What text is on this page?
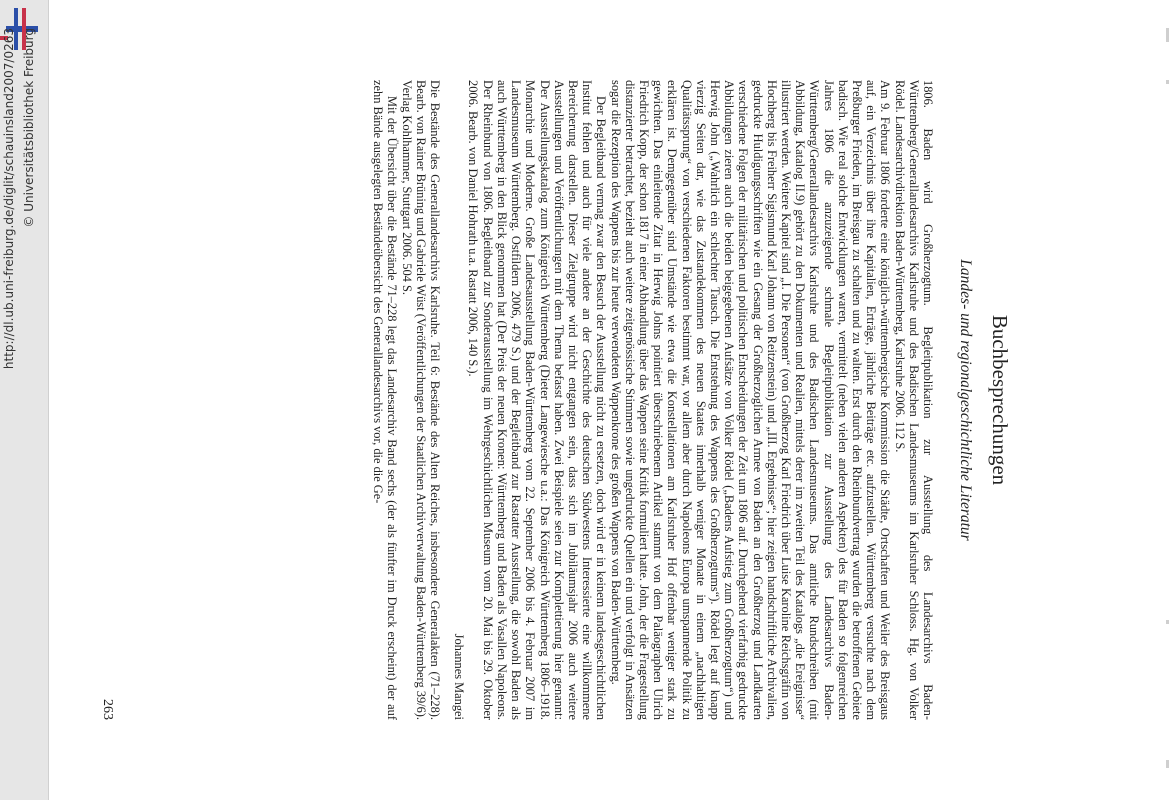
http://dl.ub.uni-freiburg.de/diglit/schauinsland2007/0263 © Universitätsbibliothek Freiburg
Buchbesprechungen
Landes- und regionalgeschichtliche Literatur

1806. Baden wird Großherzogtum. Begleitpublikation zur Ausstellung des Landesarchivs Baden-Württemberg/Generallandesarchivs Karlsruhe und des Badischen Landesmuseums im Karlsruher Schloss. Hg. von Volker Rödel. Landesarchivdirektion Baden-Württemberg, Karlsruhe 2006. 112 S.

Am 9. Februar 1806 forderte eine königlich-württembergische Kommission die Städte, Ortschaften und Weiler des Breisgaus auf, ein Verzeichnis über ihre Kapitalien, Erträge, jährliche Beiträge etc. aufzustellen. Württemberg versuchte nach dem Preßburger Frieden, im Breisgau zu schalten und zu walten. Erst durch den Rheinbundvertrag wurden die betroffenen Gebiete badisch. Wie real solche Entwicklungen waren, vermittelt (neben vielen anderen Aspekten) des für Baden so folgenreichen Jahres 1806 die anzuzeigende schmale Begleitpublikation zur Ausstellung des Landesarchivs Baden-Württemberg/Generallandesarchivs Karlsruhe und des Badischen Landesmuseums. Das amtliche Rundschreiben (mit Abbildung, Katalog II.9) gehört zu den Dokumenten und Realien, mittels derer im zweiten Teil des Katalogs „die Ereignisse“ illustriert werden. Weitere Kapitel sind „I. Die Personen“ (von Großherzog Karl Friedrich über Luise Karoline Reichsgräfin von Hochberg bis Freiherr Sigismund Karl Johann von Reitzenstein) und „III. Ergebnisse“; hier zeigen handschriftliche Archivalien, gedruckte Huldigungsschriften wie ein Gesang der Großherzoglichen Armee von Baden an den Großherzog und Landkarten verschiedene Folgen der militärischen und politischen Entscheidungen der Zeit um 1806 auf. Durchgehend vierfarbig gedruckte Abbildungen zieren auch die beiden beigegebenen Aufsätze von Volker Rödel („Badens Aufstieg zum Großherzogtum“) und Herwig John („Wahrlich ein schlechter Tausch. Die Entstehung des Wappens des Großherzogtums“). Rödel legt auf knapp vierzig Seiten dar, wie das Zustandekommen des neuen Staates innerhalb weniger Monate in einem „nachhaltigen Qualitätssprung“ von verschiedenen Faktoren bestimmt war, vor allem aber durch Napoleons Europa umspannende Politik zu erklären ist. Demgegenüber sind Umstände wie etwa die Konstellationen am Karlsruher Hof offenbar weniger stark zu gewichten. Das einleitende Zitat in Herwig Johns pointiert überschriebenem Artikel stammt von dem Paläographen Ulrich Friedrich Kopp, der schon 1817 in einer Abhandlung über das Wappen seine Kritik formuliert hatte. John, der die Fragestellung distanzierter betrachtet, bezieht auch weitere zeitgenössische Stimmen sowie ungedruckte Quellen ein und verfolgt in Ansätzen sogar die Rezeption des Wappens bis zur heute verwendeten Wappenkrone des großen Wappens von Baden-Württemberg.

Der Begleitband vermag zwar den Besuch der Ausstellung nicht zu ersetzen, doch wird er in keinem landesgeschichtlichen Institut fehlen und auch für viele andere an der Geschichte des deutschen Südwestens Interessierte eine willkommene Bereicherung darstellen. Dieser Zielgruppe wird nicht entgangen sein, dass sich im Jubiläumsjahr 2006 auch weitere Ausstellungen und Veröffentlichungen mit dem Thema befasst haben. Zwei Beispiele seien zur Komplettierung hier genannt: Der Ausstellungskatalog zum Königreich Württemberg (Dieter Langewiesche u.a.: Das Königreich Württemberg 1806–1918. Monarchie und Moderne. Große Landesausstellung Baden-Württemberg vom 22. September 2006 bis 4. Februar 2007 im Landesmuseum Württemberg. Ostfildern 2006, 479 S.) und der Begleitband zur Rastatter Ausstellung, die sowohl Baden als auch Württemberg in den Blick genommen hat (Der Preis der neuen Kronen: Württemberg und Baden als Vasallen Napoleons. Der Rheinbund von 1806. Begleitband zur Sonderausstellung im Wehrgeschichtlichen Museum vom 20. Mai bis 29. Oktober 2006. Bearb. von Daniel Hohrath u.a. Rastatt 2006, 140 S.).

Johannes Mangei

Die Bestände des Generallandesarchivs Karlsruhe. Teil 6: Bestände des Alten Reiches, insbesondere Generalakten (71–228). Bearb. von Rainer Brüning und Gabriele Wüst (Veröffentlichungen der Staatlichen Archivverwaltung Baden-Württemberg 39/6). Verlag Kohlhammer, Stuttgart 2006. 504 S.

Mit der Übersicht über die Bestände 71–228 legt das Landesarchiv Band sechs (der als fünfter im Druck erscheint) der auf zehn Bände ausgelegten Beständeübersicht des Generallandesarchivs vor, die die Ge-

263
